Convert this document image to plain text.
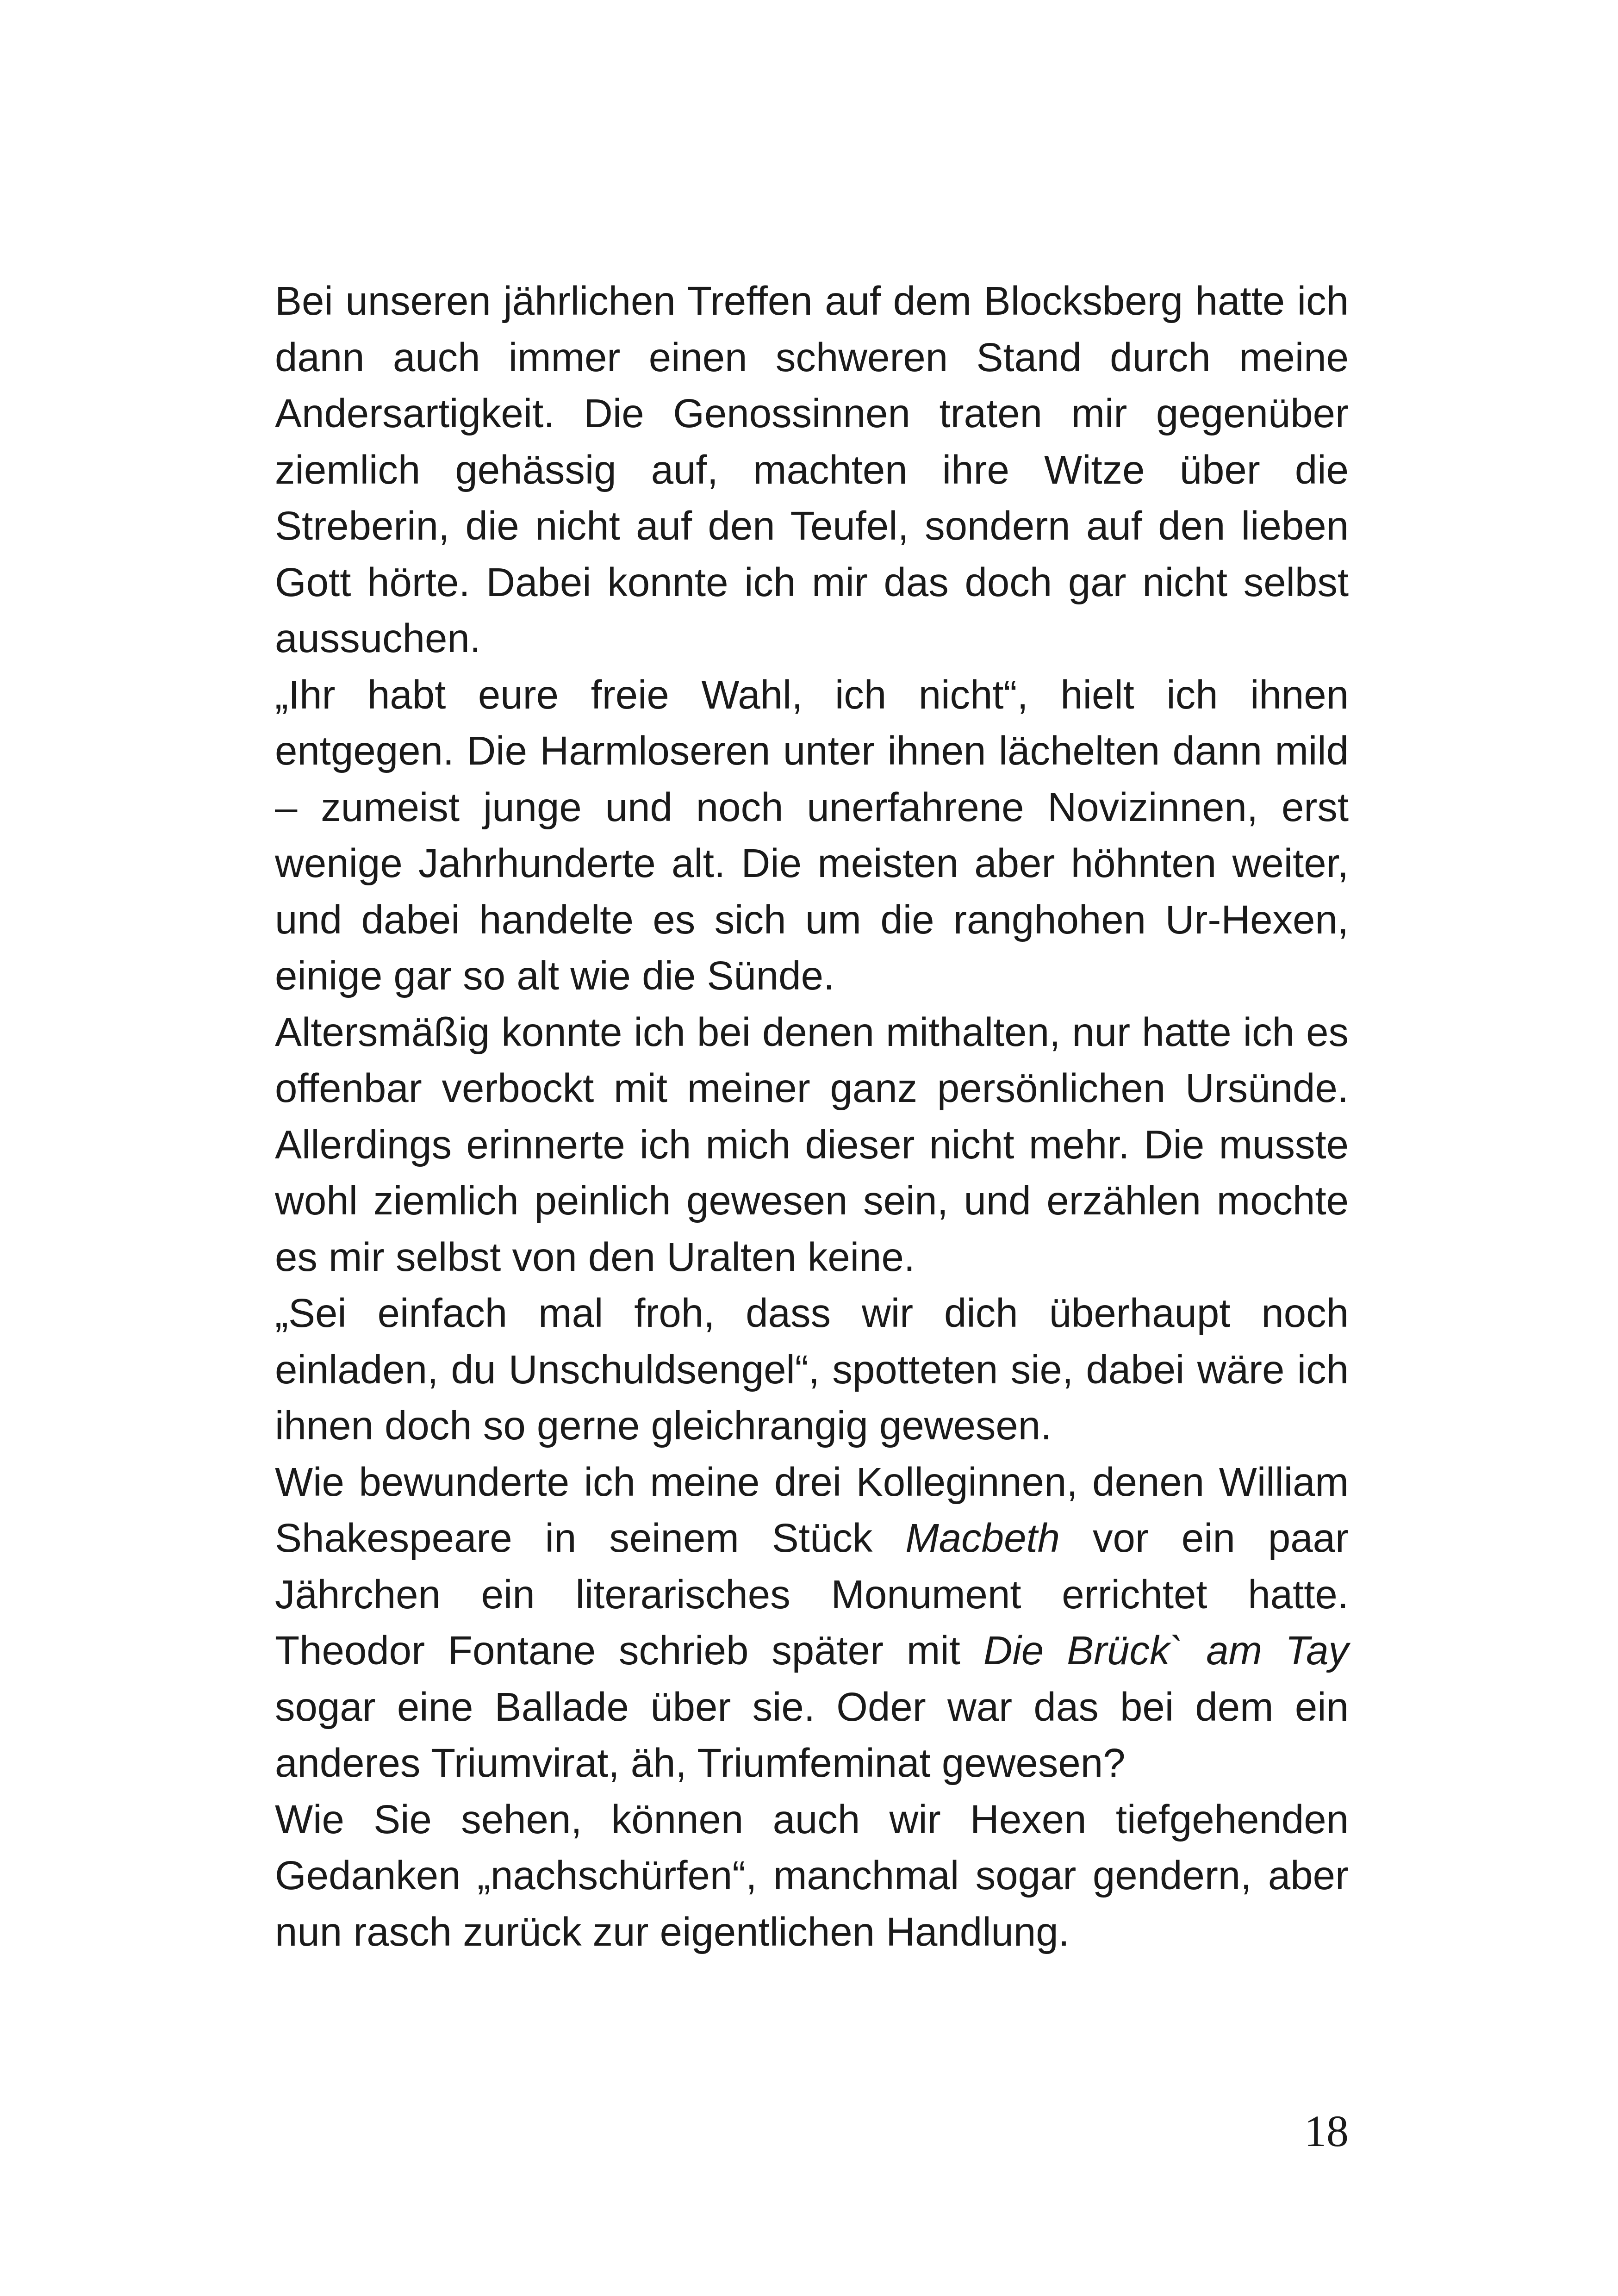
Bei unseren jährlichen Treffen auf dem Blocksberg hatte ich dann auch immer einen schweren Stand durch meine Andersartigkeit. Die Genossinnen traten mir gegenüber ziemlich gehässig auf, machten ihre Witze über die Streberin, die nicht auf den Teufel, sondern auf den lieben Gott hörte. Dabei konnte ich mir das doch gar nicht selbst aussuchen.

„Ihr habt eure freie Wahl, ich nicht“, hielt ich ihnen entgegen. Die Harmloseren unter ihnen lächelten dann mild – zumeist junge und noch unerfahrene Novizinnen, erst wenige Jahrhunderte alt. Die meisten aber höhnten weiter, und dabei handelte es sich um die ranghohen Ur-Hexen, einige gar so alt wie die Sünde.

Altersmäßig konnte ich bei denen mithalten, nur hatte ich es offenbar verbockt mit meiner ganz persönlichen Ursünde. Allerdings erinnerte ich mich dieser nicht mehr. Die musste wohl ziemlich peinlich gewesen sein, und erzählen mochte es mir selbst von den Uralten keine.

„Sei einfach mal froh, dass wir dich überhaupt noch einladen, du Unschuldsengel“, spotteten sie, dabei wäre ich ihnen doch so gerne gleichrangig gewesen.

Wie bewunderte ich meine drei Kolleginnen, denen William Shakespeare in seinem Stück Macbeth vor ein paar Jährchen ein literarisches Monument errichtet hatte. Theodor Fontane schrieb später mit Die Brück` am Tay sogar eine Ballade über sie. Oder war das bei dem ein anderes Triumvirat, äh, Triumfeminat gewesen?

Wie Sie sehen, können auch wir Hexen tiefgehenden Gedanken „nachschürfen“, manchmal sogar gendern, aber nun rasch zurück zur eigentlichen Handlung.

18
